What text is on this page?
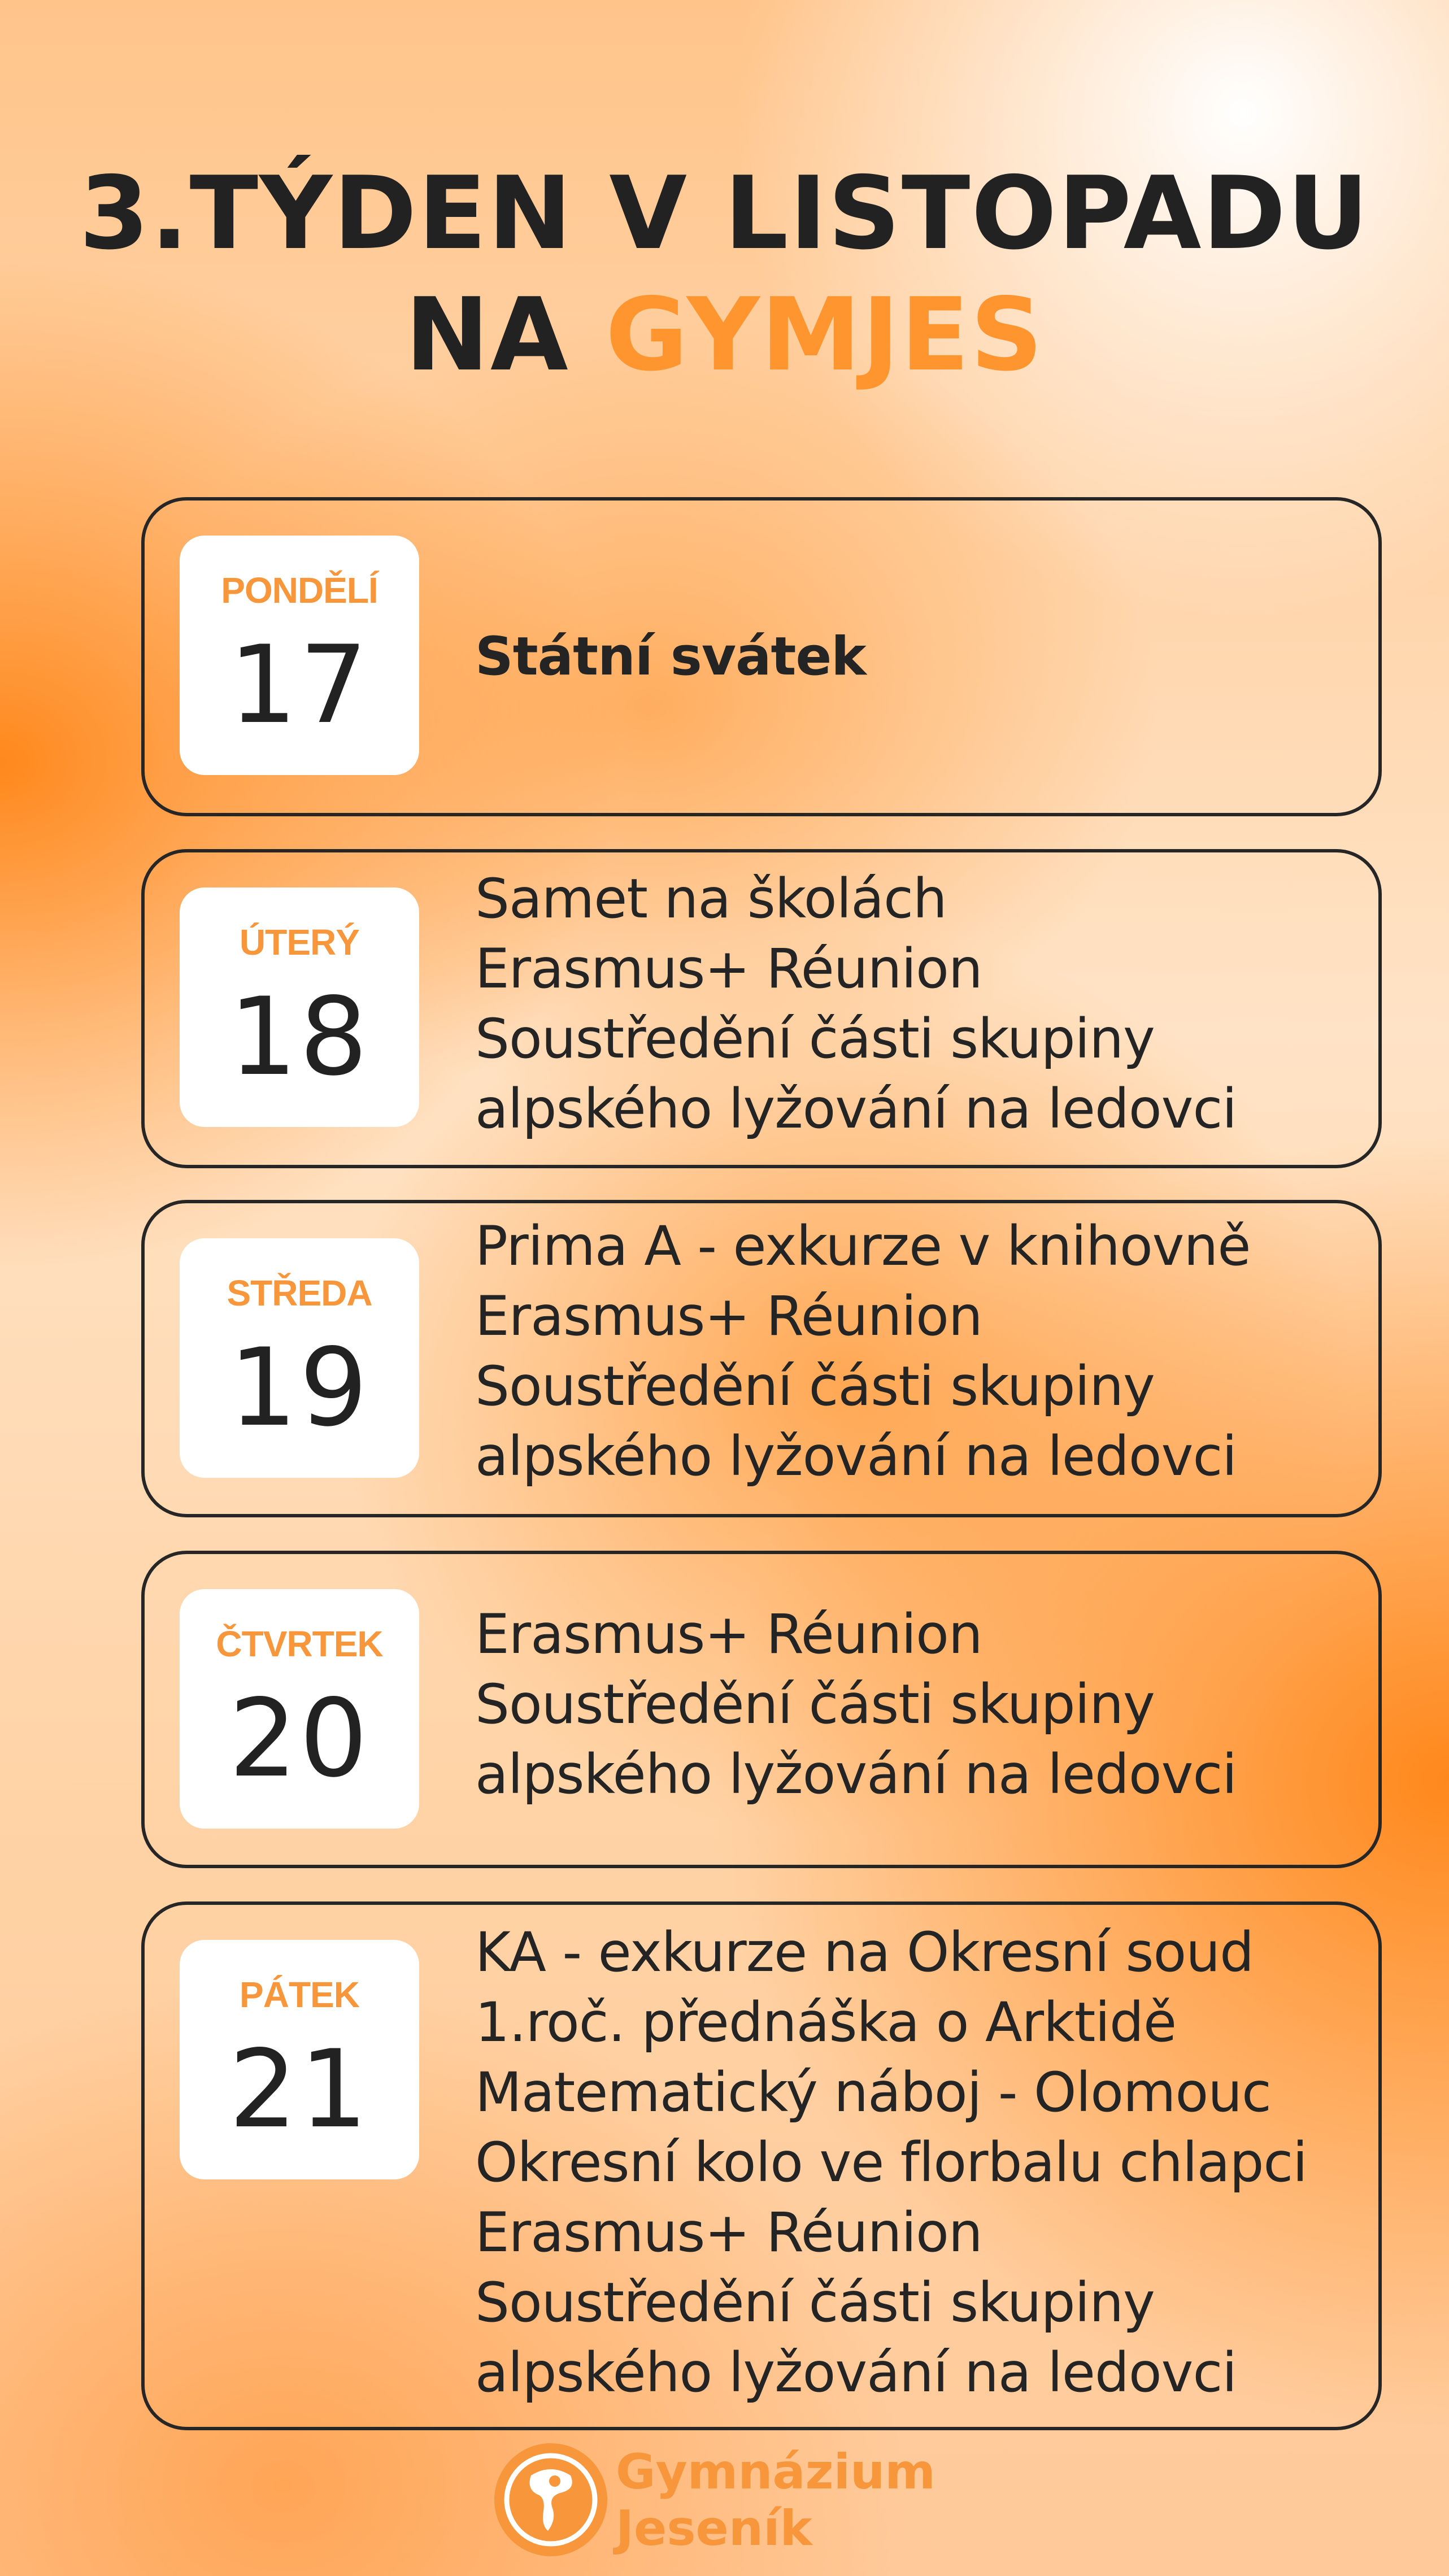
3.TÝDEN V LISTOPADU
NA GYMJES
PONDĚLÍ
17	Státní svátek
ÚTERÝ
18
Samet na školách
Erasmus+ Réunion
Soustředění části skupiny
alpského lyžování na ledovci
STŘEDA
19
Prima A - exkurze v knihovně
Erasmus+ Réunion
Soustředění části skupiny
alpského lyžování na ledovci
ČTVRTEK
20
Erasmus+ Réunion
Soustředění části skupiny
alpského lyžování na ledovci
PÁTEK
21
KA - exkurze na Okresní soud
1.roč. přednáška o Arktidě
Matematický náboj - Olomouc
Okresní kolo ve florbalu chlapci
Erasmus+ Réunion
Soustředění části skupiny
alpského lyžování na ledovci
Gymnázium
Jeseník
